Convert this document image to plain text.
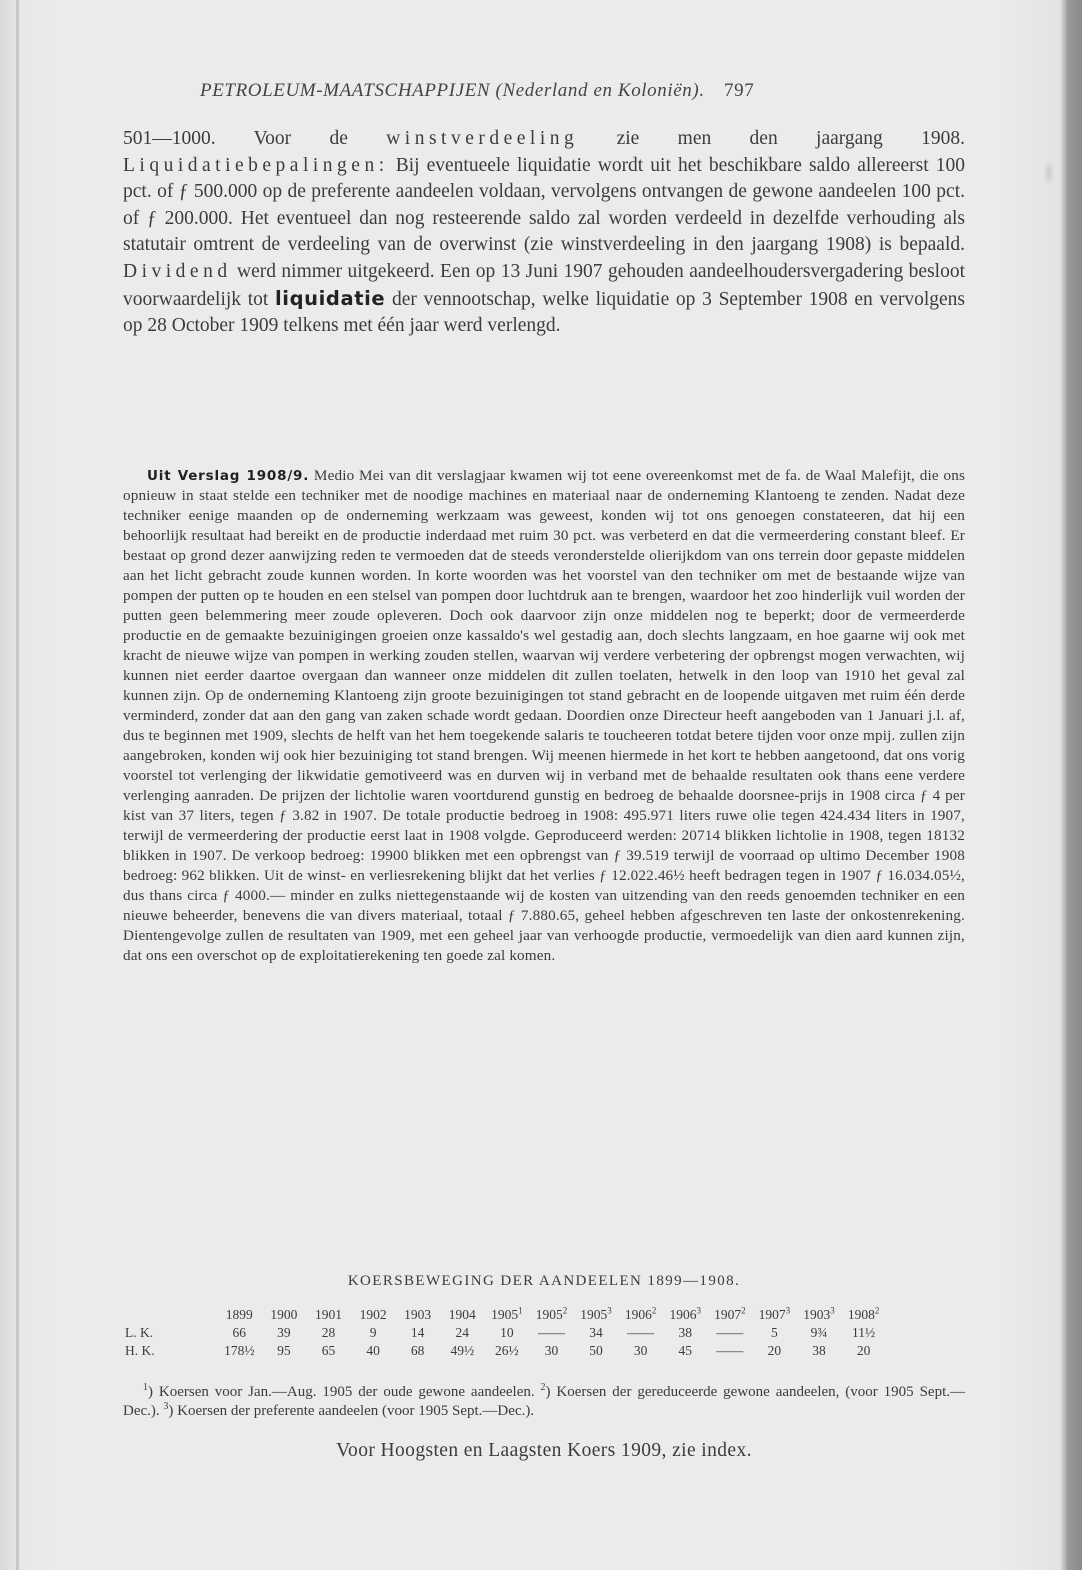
PETROLEUM-MAATSCHAPPIJEN (Nederland en Koloniën). 797
501—1000. Voor de winstverdeeling zie men den jaargang 1908. Liquidatiebepalingen: Bij eventueele liquidatie wordt uit het beschikbare saldo allereerst 100 pct. of ƒ 500.000 op de preferente aandeelen voldaan, vervolgens ontvangen de gewone aandeelen 100 pct. of ƒ 200.000. Het eventueel dan nog resteerende saldo zal worden verdeeld in dezelfde verhouding als statutair omtrent de verdeeling van de overwinst (zie winstverdeeling in den jaargang 1908) is bepaald. Dividend werd nimmer uitgekeerd. Een op 13 Juni 1907 gehouden aandeelhoudersvergadering besloot voorwaardelijk tot liquidatie der vennootschap, welke liquidatie op 3 September 1908 en vervolgens op 28 October 1909 telkens met één jaar werd verlengd.
Uit Verslag 1908/9. Medio Mei van dit verslagjaar kwamen wij tot eene overeenkomst met de fa. de Waal Malefijt, die ons opnieuw in staat stelde een techniker met de noodige machines en materiaal naar de onderneming Klantoeng te zenden. Nadat deze techniker eenige maanden op de onderneming werkzaam was geweest, konden wij tot ons genoegen constateeren, dat hij een behoorlijk resultaat had bereikt en de productie inderdaad met ruim 30 pct. was verbeterd en dat die vermeerdering constant bleef. Er bestaat op grond dezer aanwijzing reden te vermoeden dat de steeds veronderstelde olierijkdom van ons terrein door gepaste middelen aan het licht gebracht zoude kunnen worden. In korte woorden was het voorstel van den techniker om met de bestaande wijze van pompen der putten op te houden en een stelsel van pompen door luchtdruk aan te brengen, waardoor het zoo hinderlijk vuil worden der putten geen belemmering meer zoude opleveren. Doch ook daarvoor zijn onze middelen nog te beperkt; door de vermeerderde productie en de gemaakte bezuinigingen groeien onze kassaldo's wel gestadig aan, doch slechts langzaam, en hoe gaarne wij ook met kracht de nieuwe wijze van pompen in werking zouden stellen, waarvan wij verdere verbetering der opbrengst mogen verwachten, wij kunnen niet eerder daartoe overgaan dan wanneer onze middelen dit zullen toelaten, hetwelk in den loop van 1910 het geval zal kunnen zijn. Op de onderneming Klantoeng zijn groote bezuinigingen tot stand gebracht en de loopende uitgaven met ruim één derde verminderd, zonder dat aan den gang van zaken schade wordt gedaan. Doordien onze Directeur heeft aangeboden van 1 Januari j.l. af, dus te beginnen met 1909, slechts de helft van het hem toegekende salaris te toucheeren totdat betere tijden voor onze mpij. zullen zijn aangebroken, konden wij ook hier bezuiniging tot stand brengen. Wij meenen hiermede in het kort te hebben aangetoond, dat ons vorig voorstel tot verlenging der likwidatie gemotiveerd was en durven wij in verband met de behaalde resultaten ook thans eene verdere verlenging aanraden. De prijzen der lichtolie waren voortdurend gunstig en bedroeg de behaalde doorsnee-prijs in 1908 circa ƒ 4 per kist van 37 liters, tegen ƒ 3.82 in 1907. De totale productie bedroeg in 1908: 495.971 liters ruwe olie tegen 424.434 liters in 1907, terwijl de vermeerdering der productie eerst laat in 1908 volgde. Geproduceerd werden: 20714 blikken lichtolie in 1908, tegen 18132 blikken in 1907. De verkoop bedroeg: 19900 blikken met een opbrengst van ƒ 39.519 terwijl de voorraad op ultimo December 1908 bedroeg: 962 blikken. Uit de winst- en verliesrekening blijkt dat het verlies ƒ 12.022.46½ heeft bedragen tegen in 1907 ƒ 16.034.05½, dus thans circa ƒ 4000.— minder en zulks niettegenstaande wij de kosten van uitzending van den reeds genoemden techniker en een nieuwe beheerder, benevens die van divers materiaal, totaal ƒ 7.880.65, geheel hebben afgeschreven ten laste der onkostenrekening. Dientengevolge zullen de resultaten van 1909, met een geheel jaar van verhoogde productie, vermoedelijk van dien aard kunnen zijn, dat ons een overschot op de exploitatierekening ten goede zal komen.
KOERSBEWEGING DER AANDEELEN 1899—1908.
	1899	1900	1901	1902	1903	1904	1905$^1$	1905$^2$	1905$^3$	1906$^2$	1906$^3$	1907$^2$	1907$^3$	1903$^3$	1908$^2$
L. K.	66	39	28	9	14	24	10	——	34	——	38	——	5	9¾	11½
H. K.	178½	95	65	40	68	49½	26½	30	50	30	45	——	20	38	20
$^1$) Koersen voor Jan.—Aug. 1905 der oude gewone aandeelen. $^2$) Koersen der gereduceerde gewone aandeelen, (voor 1905 Sept.—Dec.). $^3$) Koersen der preferente aandeelen (voor 1905 Sept.—Dec.).
Voor Hoogsten en Laagsten Koers 1909, zie index.
